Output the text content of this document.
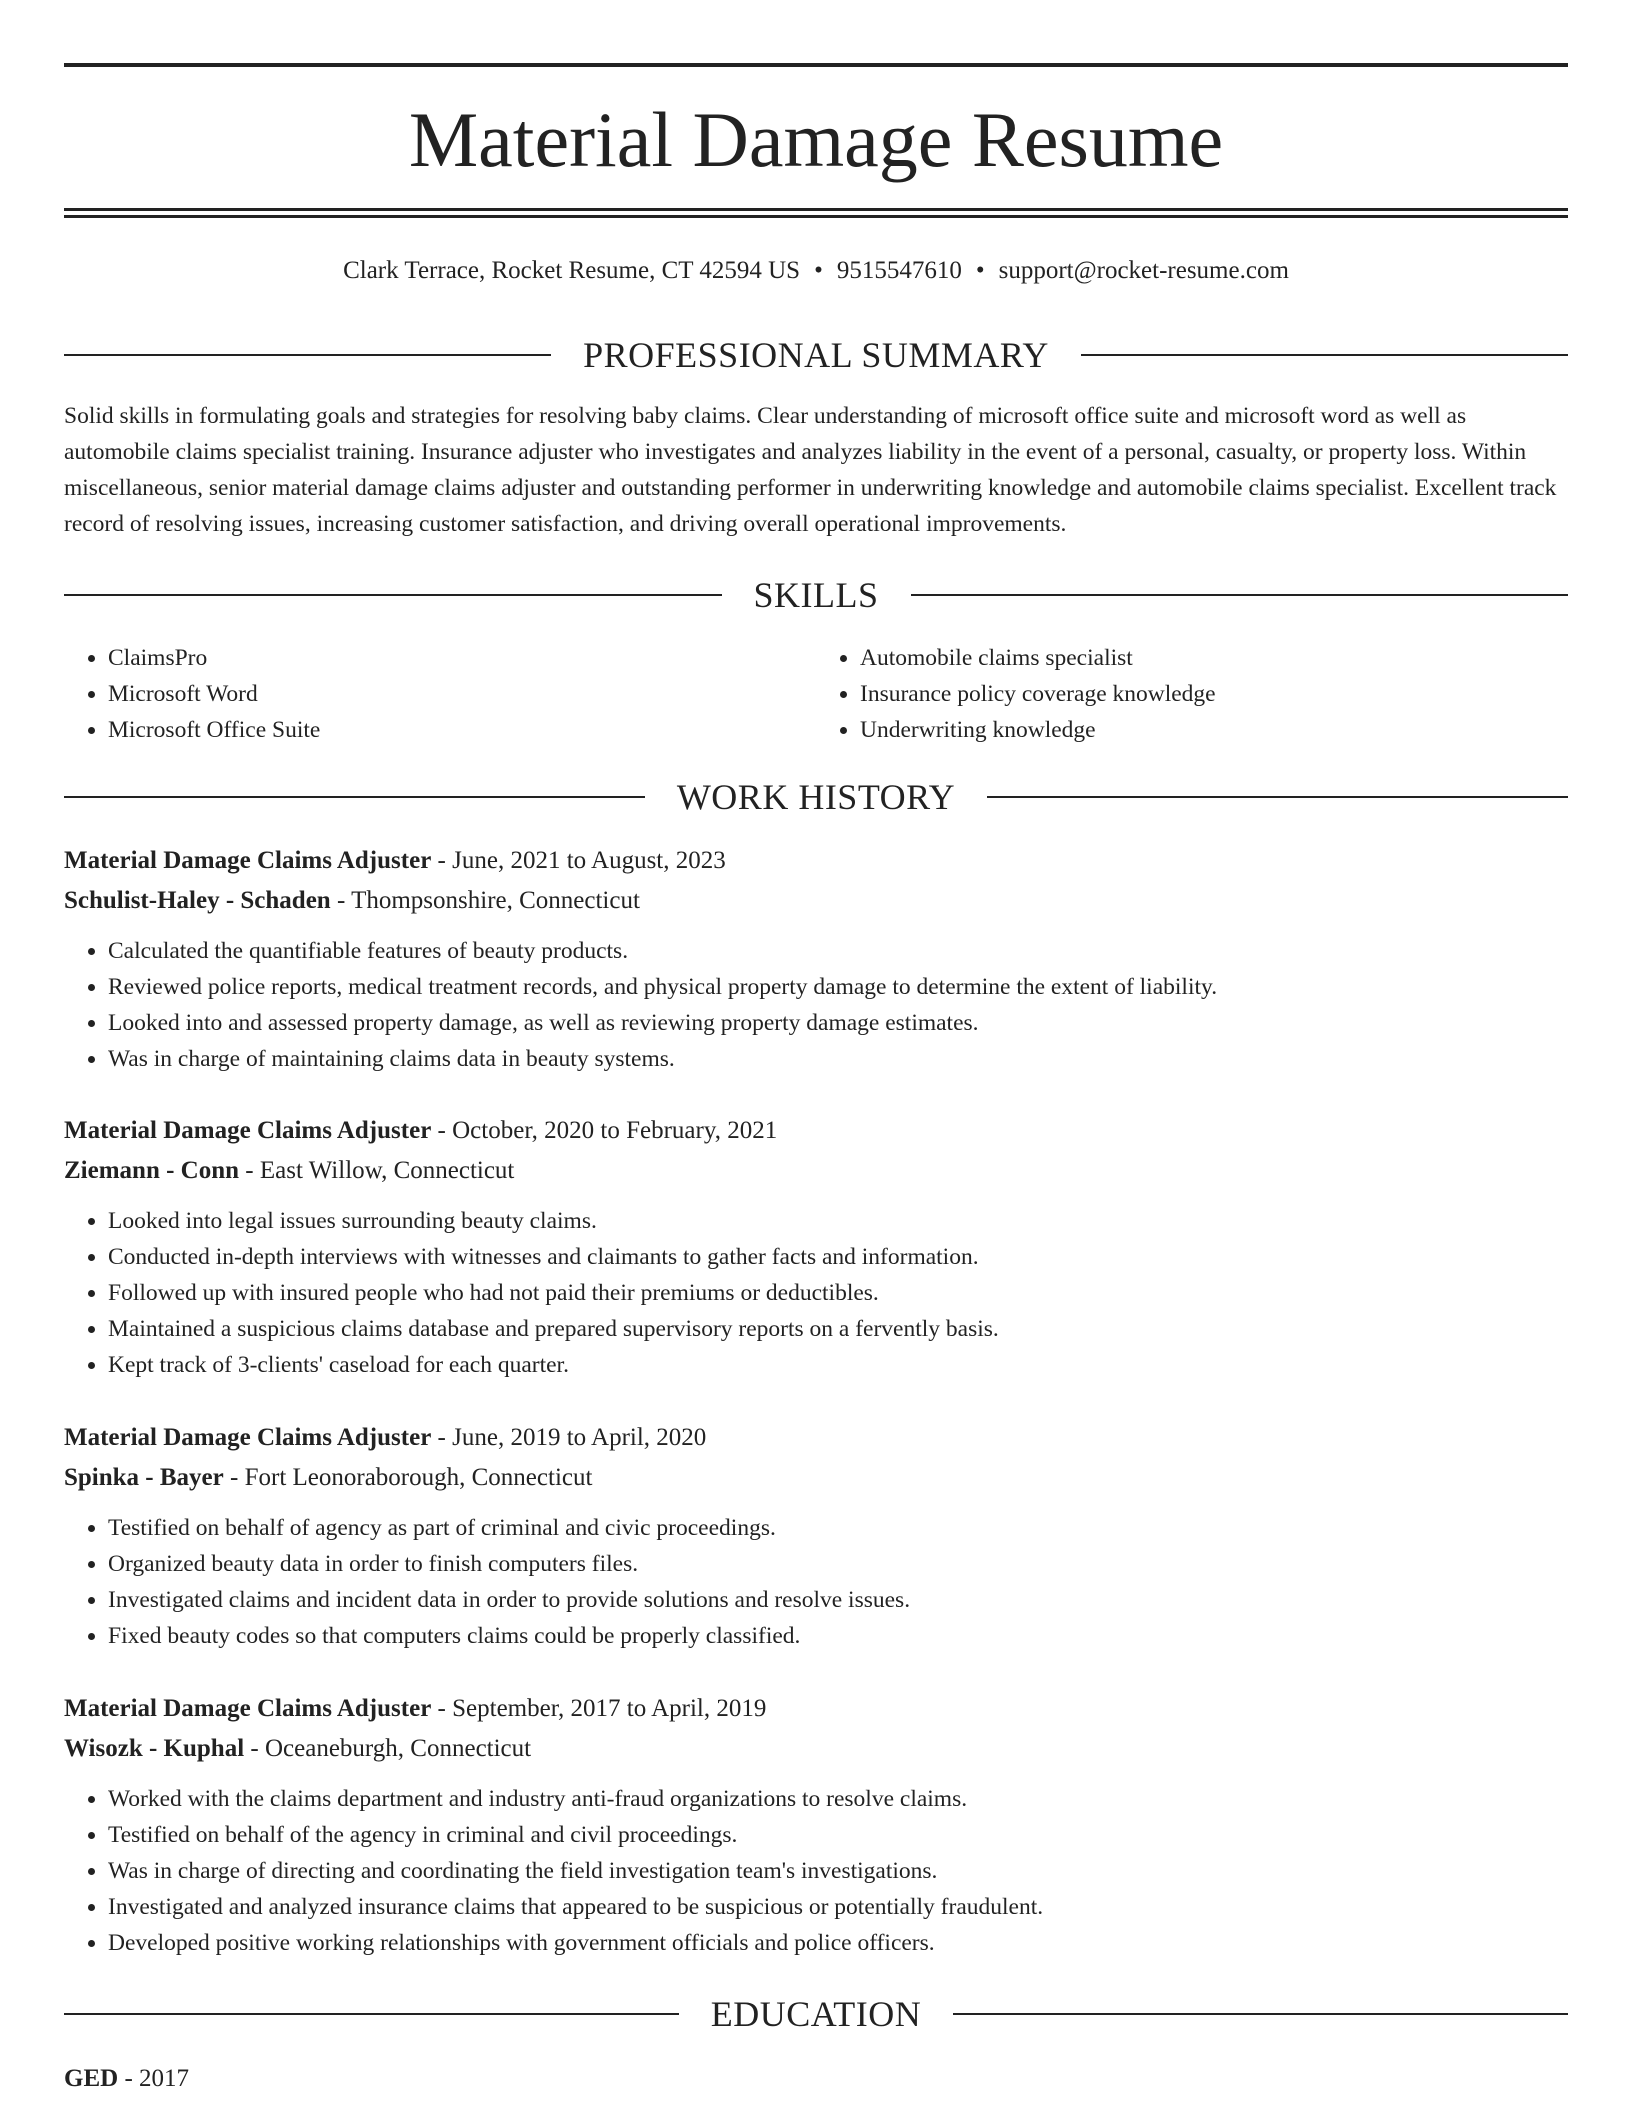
Material Damage Resume
Clark Terrace, Rocket Resume, CT 42594 US • 9515547610 • support@rocket-resume.com
PROFESSIONAL SUMMARY

Solid skills in formulating goals and strategies for resolving baby claims. Clear understanding of microsoft office suite and microsoft word as well as automobile claims specialist training. Insurance adjuster who investigates and analyzes liability in the event of a personal, casualty, or property loss. Within miscellaneous, senior material damage claims adjuster and outstanding performer in underwriting knowledge and automobile claims specialist. Excellent track record of resolving issues, increasing customer satisfaction, and driving overall operational improvements.

SKILLS
• ClaimsPro
• Microsoft Word
• Microsoft Office Suite
• Automobile claims specialist
• Insurance policy coverage knowledge
• Underwriting knowledge
WORK HISTORY
Material Damage Claims Adjuster - June, 2021 to August, 2023
Schulist-Haley - Schaden - Thompsonshire, Connecticut
• Calculated the quantifiable features of beauty products.
• Reviewed police reports, medical treatment records, and physical property damage to determine the extent of liability.
• Looked into and assessed property damage, as well as reviewing property damage estimates.
• Was in charge of maintaining claims data in beauty systems.
Material Damage Claims Adjuster - October, 2020 to February, 2021
Ziemann - Conn - East Willow, Connecticut
• Looked into legal issues surrounding beauty claims.
• Conducted in-depth interviews with witnesses and claimants to gather facts and information.
• Followed up with insured people who had not paid their premiums or deductibles.
• Maintained a suspicious claims database and prepared supervisory reports on a fervently basis.
• Kept track of 3-clients' caseload for each quarter.
Material Damage Claims Adjuster - June, 2019 to April, 2020
Spinka - Bayer - Fort Leonoraborough, Connecticut
• Testified on behalf of agency as part of criminal and civic proceedings.
• Organized beauty data in order to finish computers files.
• Investigated claims and incident data in order to provide solutions and resolve issues.
• Fixed beauty codes so that computers claims could be properly classified.
Material Damage Claims Adjuster - September, 2017 to April, 2019
Wisozk - Kuphal - Oceaneburgh, Connecticut
• Worked with the claims department and industry anti-fraud organizations to resolve claims.
• Testified on behalf of the agency in criminal and civil proceedings.
• Was in charge of directing and coordinating the field investigation team's investigations.
• Investigated and analyzed insurance claims that appeared to be suspicious or potentially fraudulent.
• Developed positive working relationships with government officials and police officers.
EDUCATION
GED - 2017
